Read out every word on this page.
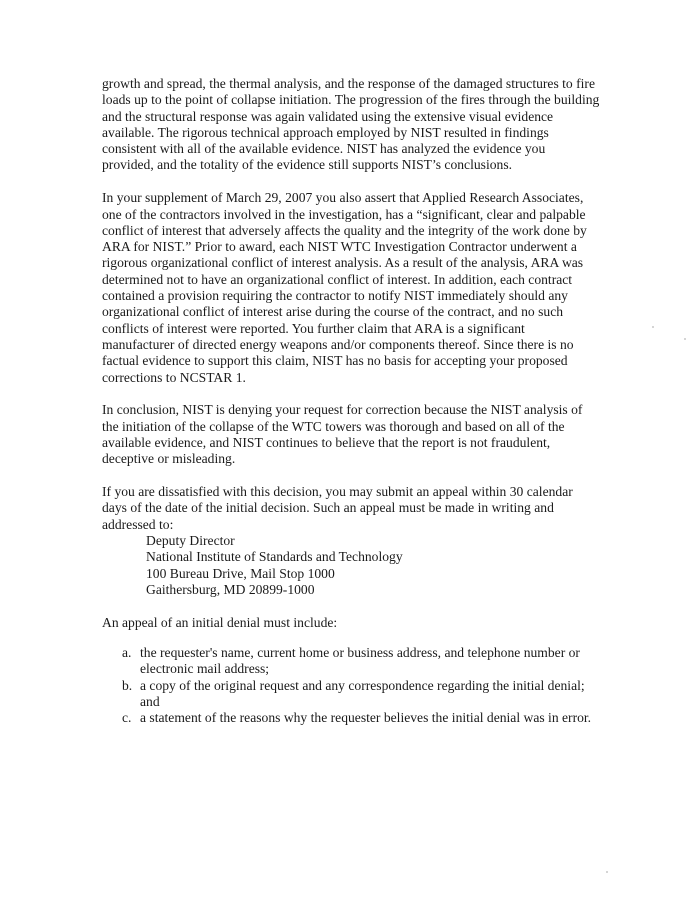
growth and spread, the thermal analysis, and the response of the damaged structures to fire loads up to the point of collapse initiation. The progression of the fires through the building and the structural response was again validated using the extensive visual evidence available. The rigorous technical approach employed by NIST resulted in findings consistent with all of the available evidence. NIST has analyzed the evidence you provided, and the totality of the evidence still supports NIST’s conclusions.

In your supplement of March 29, 2007 you also assert that Applied Research Associates, one of the contractors involved in the investigation, has a “significant, clear and palpable conflict of interest that adversely affects the quality and the integrity of the work done by ARA for NIST.” Prior to award, each NIST WTC Investigation Contractor underwent a rigorous organizational conflict of interest analysis. As a result of the analysis, ARA was determined not to have an organizational conflict of interest. In addition, each contract contained a provision requiring the contractor to notify NIST immediately should any organizational conflict of interest arise during the course of the contract, and no such conflicts of interest were reported. You further claim that ARA is a significant manufacturer of directed energy weapons and/or components thereof. Since there is no factual evidence to support this claim, NIST has no basis for accepting your proposed corrections to NCSTAR 1.

In conclusion, NIST is denying your request for correction because the NIST analysis of the initiation of the collapse of the WTC towers was thorough and based on all of the available evidence, and NIST continues to believe that the report is not fraudulent, deceptive or misleading.

If you are dissatisfied with this decision, you may submit an appeal within 30 calendar days of the date of the initial decision. Such an appeal must be made in writing and addressed to:

Deputy Director
National Institute of Standards and Technology
100 Bureau Drive, Mail Stop 1000
Gaithersburg, MD 20899-1000

An appeal of an initial denial must include:

a. the requester's name, current home or business address, and telephone number or electronic mail address;
b. a copy of the original request and any correspondence regarding the initial denial; and
c. a statement of the reasons why the requester believes the initial denial was in error.
